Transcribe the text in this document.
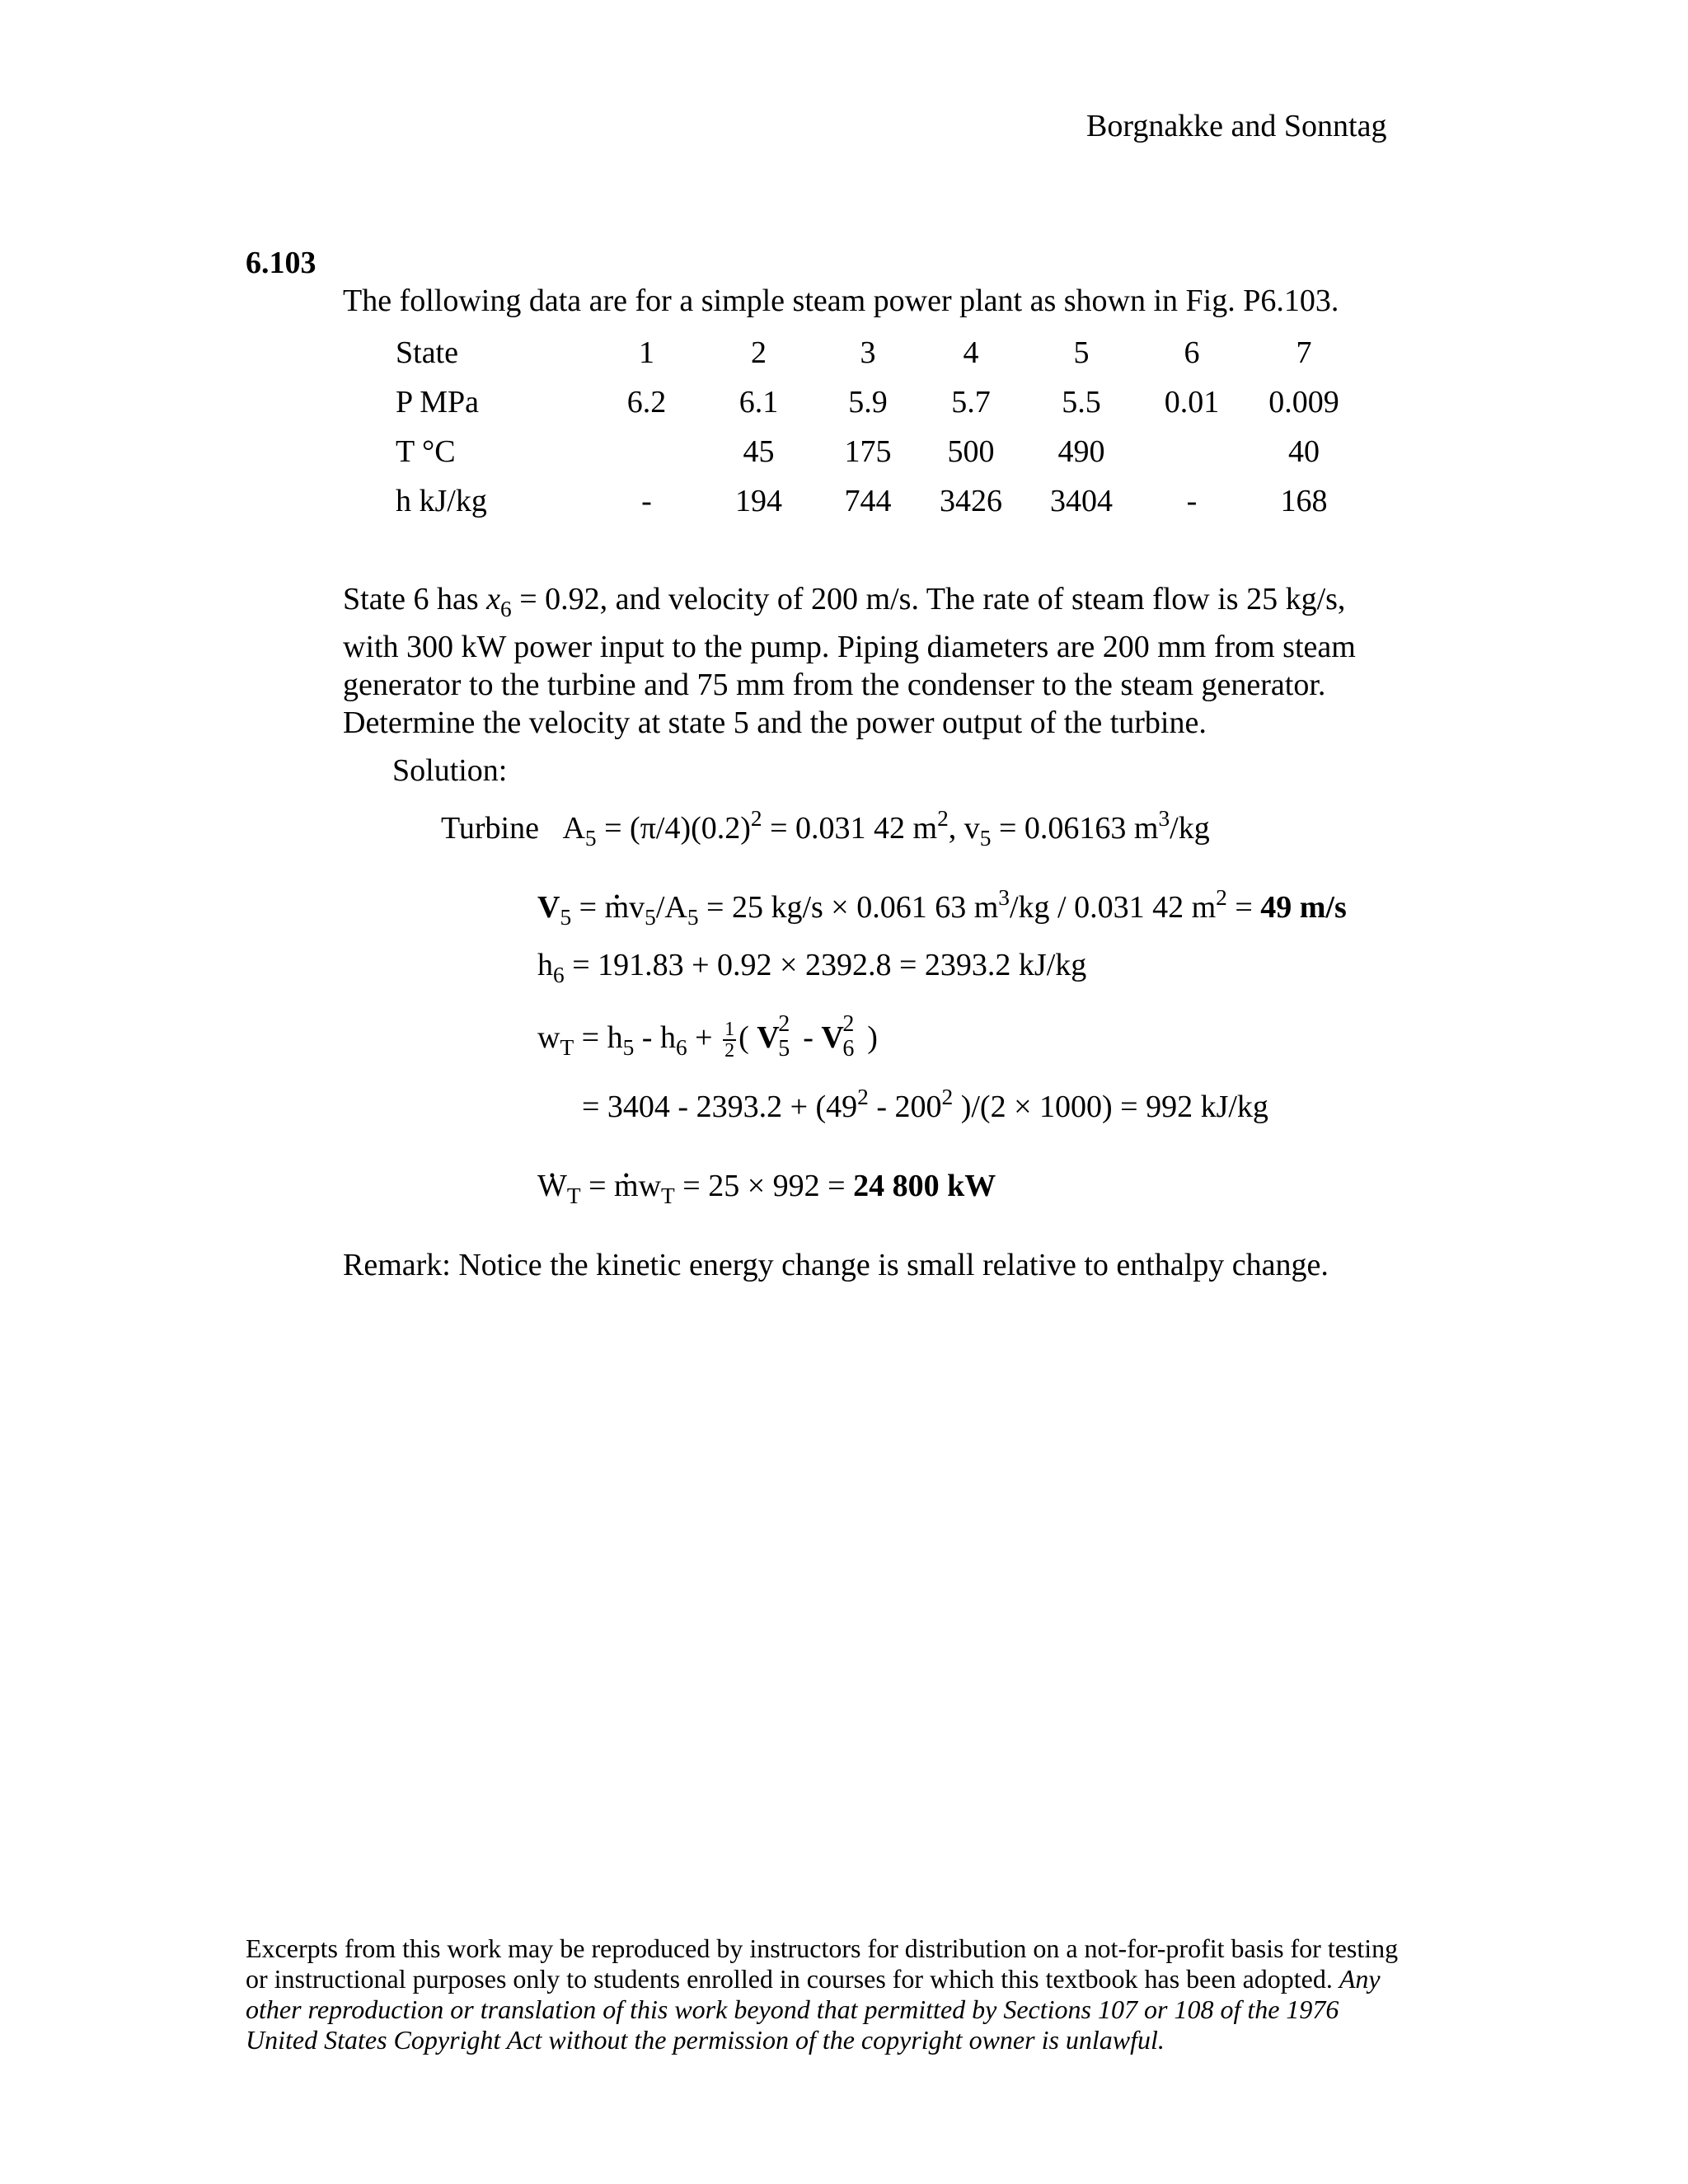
Borgnakke and Sonntag
6.103
The following data are for a simple steam power plant as shown in Fig. P6.103.
State	1	2	3	4	5	6	7
P MPa	6.2	6.1	5.9	5.7	5.5	0.01	0.009
T °C		45	175	500	490		40
h kJ/kg	-	194	744	3426	3404	-	168
State 6 has $x_6 = 0.92$, and velocity of 200 m/s. The rate of steam flow is 25 kg/s,
with 300 kW power input to the pump. Piping diameters are 200 mm from steam
generator to the turbine and 75 mm from the condenser to the steam generator.
Determine the velocity at state 5 and the power output of the turbine.
Solution:
Turbine $A_5 = (\pi/4)(0.2)^2 = 0.031$ 42 $m^2$, $v_5 = 0.06163$ $m^3/kg$
$V_5$ = • $mv_5/A_5 = 25$ kg/s × 0.061 63 $m^3/kg / 0.031$ 42 $m^2 = 49$ m/s
$h_6 = 191.83 + 0.92 \times 2392.8 = 2393.2$ kJ/kg
$w_T = h_5 - h_6 + \frac{1}{2}$ ( V
2
5 - V
2
6 )
= $3404 - 2393.2 + (49^2 - 200^2$ )/(2 × 1000) = 992 kJ/kg
• $W_T$ = • $mw_T = 25 \times 992 = 24$ 800 kW
Remark: Notice the kinetic energy change is small relative to enthalpy change.
Excerpts from this work may be reproduced by instructors for distribution on a not-for-profit basis for testing or instructional purposes only to students enrolled in courses for which this textbook has been adopted. Any other reproduction or translation of this work beyond that permitted by Sections 107 or 108 of the 1976 United States Copyright Act without the permission of the copyright owner is unlawful.
